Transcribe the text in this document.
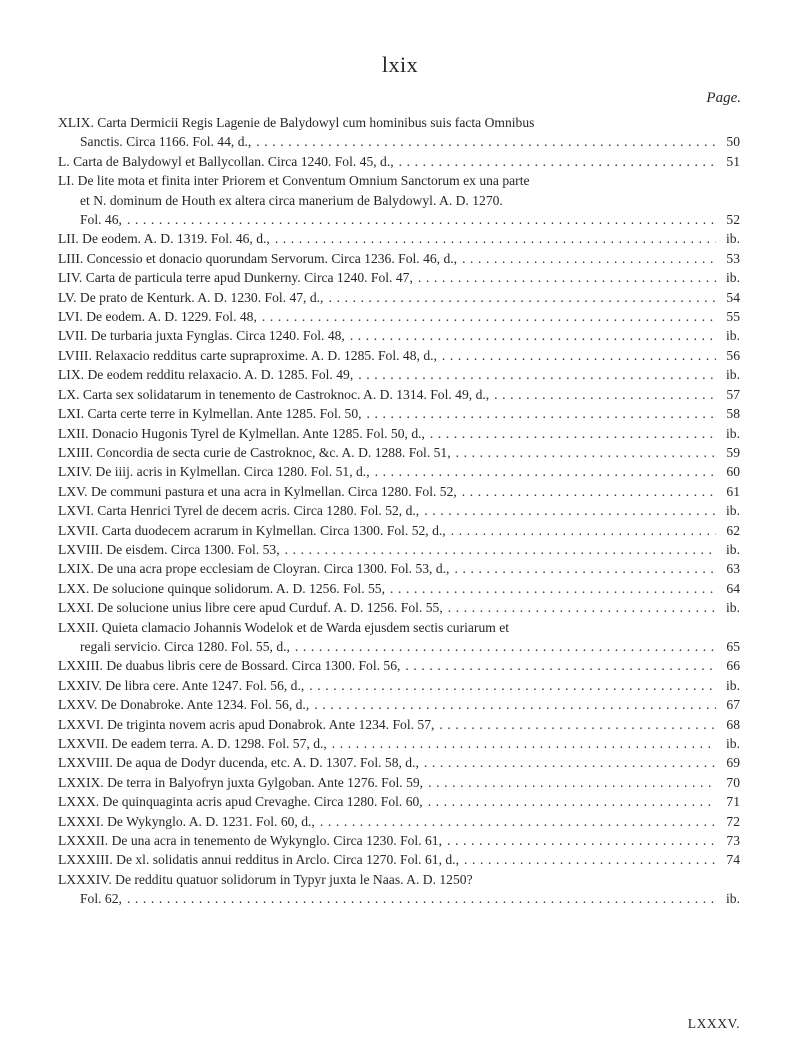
lxix
Page.
XLIX. Carta Dermicii Regis Lagenie de Balydowyl cum hominibus suis facta Omnibus
Sanctis. Circa 1166. Fol. 44, d., . . .	50
L. Carta de Balydowyl et Ballycollan. Circa 1240. Fol. 45, d., . . .	51
LI. De lite mota et finita inter Priorem et Conventum Omnium Sanctorum ex una parte
et N. dominum de Houth ex altera circa manerium de Balydowyl. A. D. 1270.
Fol. 46, . . .	52
LII. De eodem. A. D. 1319. Fol. 46, d., . . .	ib.
LIII. Concessio et donacio quorundam Servorum. Circa 1236. Fol. 46, d., . . .	53
LIV. Carta de particula terre apud Dunkerny. Circa 1240. Fol. 47, . . .	ib.
LV. De prato de Kenturk. A. D. 1230. Fol. 47, d., . . .	54
LVI. De eodem. A. D. 1229. Fol. 48, . . .	55
LVII. De turbaria juxta Fynglas. Circa 1240. Fol. 48, . . .	ib.
LVIII. Relaxacio redditus carte supraproxime. A. D. 1285. Fol. 48, d., . . .	56
LIX. De eodem redditu relaxacio. A. D. 1285. Fol. 49, . . .	ib.
LX. Carta sex solidatarum in tenemento de Castroknoc. A. D. 1314. Fol. 49, d., . . .	57
LXI. Carta certe terre in Kylmellan. Ante 1285. Fol. 50, . . .	58
LXII. Donacio Hugonis Tyrel de Kylmellan. Ante 1285. Fol. 50, d., . . .	ib.
LXIII. Concordia de secta curie de Castroknoc, &c. A. D. 1288. Fol. 51, . . .	59
LXIV. De iiij. acris in Kylmellan. Circa 1280. Fol. 51, d., . . .	60
LXV. De communi pastura et una acra in Kylmellan. Circa 1280. Fol. 52, . . .	61
LXVI. Carta Henrici Tyrel de decem acris. Circa 1280. Fol. 52, d., . . .	ib.
LXVII. Carta duodecem acrarum in Kylmellan. Circa 1300. Fol. 52, d., . . .	62
LXVIII. De eisdem. Circa 1300. Fol. 53, . . .	ib.
LXIX. De una acra prope ecclesiam de Cloyran. Circa 1300. Fol. 53, d., . . .	63
LXX. De solucione quinque solidorum. A. D. 1256. Fol. 55, . . .	64
LXXI. De solucione unius libre cere apud Curduf. A. D. 1256. Fol. 55, . . .	ib.
LXXII. Quieta clamacio Johannis Wodelok et de Warda ejusdem sectis curiarum et
regali servicio. Circa 1280. Fol. 55, d., . . .	65
LXXIII. De duabus libris cere de Bossard. Circa 1300. Fol. 56, . . .	66
LXXIV. De libra cere. Ante 1247. Fol. 56, d., . . .	ib.
LXXV. De Donabroke. Ante 1234. Fol. 56, d., . . .	67
LXXVI. De triginta novem acris apud Donabrok. Ante 1234. Fol. 57, . . .	68
LXXVII. De eadem terra. A. D. 1298. Fol. 57, d., . . .	ib.
LXXVIII. De aqua de Dodyr ducenda, etc. A. D. 1307. Fol. 58, d., . . .	69
LXXIX. De terra in Balyofryn juxta Gylgoban. Ante 1276. Fol. 59, . . .	70
LXXX. De quinquaginta acris apud Crevaghe. Circa 1280. Fol. 60, . . .	71
LXXXI. De Wykynglo. A. D. 1231. Fol. 60, d., . . .	72
LXXXII. De una acra in tenemento de Wykynglo. Circa 1230. Fol. 61, . . .	73
LXXXIII. De xl. solidatis annui redditus in Arclo. Circa 1270. Fol. 61, d., . . .	74
LXXXIV. De redditu quatuor solidorum in Typyr juxta le Naas. A. D. 1250?
Fol. 62, . . .	ib.
LXXXV.
